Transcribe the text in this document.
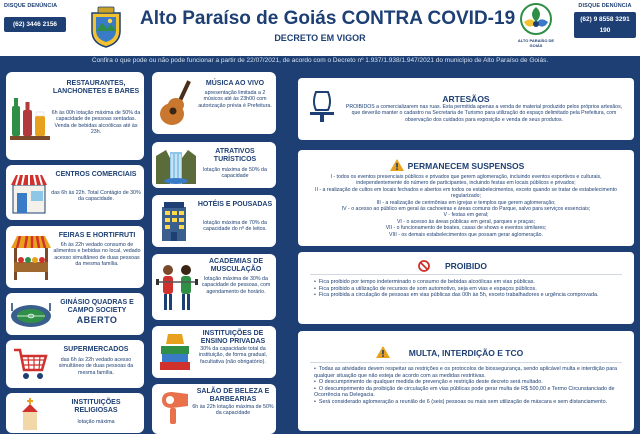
DISQUE DENÚNCIA
(62) 3446 2156	Alto Paraíso de Goiás CONTRA COVID-19
DECRETO EM VIGOR	ALTO PARAÍSO DE GOIÁS
DISQUE DENÚNCIA
(62) 9 8558 3291
190
Confira o que pode ou não pode funcionar a partir de 22/07/2021, de acordo com o Decreto nº 1.937/1.938/1.947/2021 do município de Alto Paraíso de Goiás.
RESTAURANTES, LANCHONETES E BARES
6h às 00h lotação máxima de 50% da capacidade de pessoas sentadas. Venda de bebidas alcoólicas até às 23h.
CENTROS COMERCIAIS
das 6h às 22h. Total Contágio de 30% da capacidade.
FEIRAS E HORTIFRUTI
6h às 22h vedado consumo de alimentos e bebidas no local, vedado acesso simultâneo de duas pessoas da mesma família.
GINÁSIO QUADRAS E CAMPO SOCIETY
ABERTO
SUPERMERCADOS
das 6h às 22h vedado acesso simultâneo de duas pessoas da mesma família.
INSTITUIÇÕES RELIGIOSAS
lotação máxima
MÚSICA AO VIVO
apresentação limitada a 2 músicos até às 23h00 com autorização prévia é Prefeitura.
ATRATIVOS TURÍSTICOS
lotação máxima de 50% da capacidade
HOTÉIS E POUSADAS
lotação máxima de 70% da capacidade do nº de leitos.
ACADEMIAS DE MUSCULAÇÃO
lotação máxima de 30% da capacidade de pessoas, com agendamento de horário.
INSTITUIÇÕES DE ENSINO PRIVADAS
30% da capacidade total da instituição, de forma gradual, facultativa (não obrigatório).
SALÃO DE BELEZA E BARBEARIAS
6h às 22h lotação máxima de 50% da capacidade
ARTESÃOS
PROIBIDOS a comercializarem nas ruas. Esta permitida apenas a venda de material produzido pelos próprios artesãos, que deverão manter o cadastro na Secretaria de Turismo para utilização do espaço delimitado pela Prefeitura, com observação dos cuidados para exposição e venda de seus produtos.
PERMANECEM SUSPENSOS
I - todos os eventos presenciais públicos e privados que gerem aglomeração, incluindo eventos esportivos e culturais, independentemente do número de participantes, incluindo festas em locais públicos e privados;
II - a realização de cultos em locais fechados e abertos em todos os estabelecimentos, exceto quando se tratar de estabelecimento regularizado;
III - a realização de cerimônias em igrejas e templos que gerem aglomeração;
IV - o acesso ao público em geral às cachoeiras e áreas comuns do Parque, salvo para serviços essenciais;
V - festas em geral;
VI - o acesso às áreas públicas em geral, parques e praças;
VII - o funcionamento de boates, casas de shows e eventos similares;
VIII - os demais estabelecimentos que possam gerar aglomeração.
PROIBIDO
• Fica proibido por tempo indeterminado o consumo de bebidas alcoólicas em vias públicas.
• Fica proibido a utilização de recursos de som automotivo, seja em vias e espaços públicos.
• Fica proibida a circulação de pessoas em vias públicas das 00h às 5h, exceto trabalhadores e urgência comprovada.
MULTA, INTERDIÇÃO E TCO
• Todas as atividades devem respeitar as restrições e os protocolos de biossegurança, sendo aplicável multa e interdição para qualquer situação que não esteja de acordo com as medidas restritivas.
• O descumprimento de qualquer medida de prevenção e restrição deste decreto será multado.
• O descumprimento da proibição de circulação em vias públicas pode gerar multa de R$ 500,00 e Termo Circunstanciado de Ocorrência na Delegacia.
• Será considerado aglomeração a reunião de 6 (seis) pessoas ou mais sem utilização de máscara e sem distanciamento.
